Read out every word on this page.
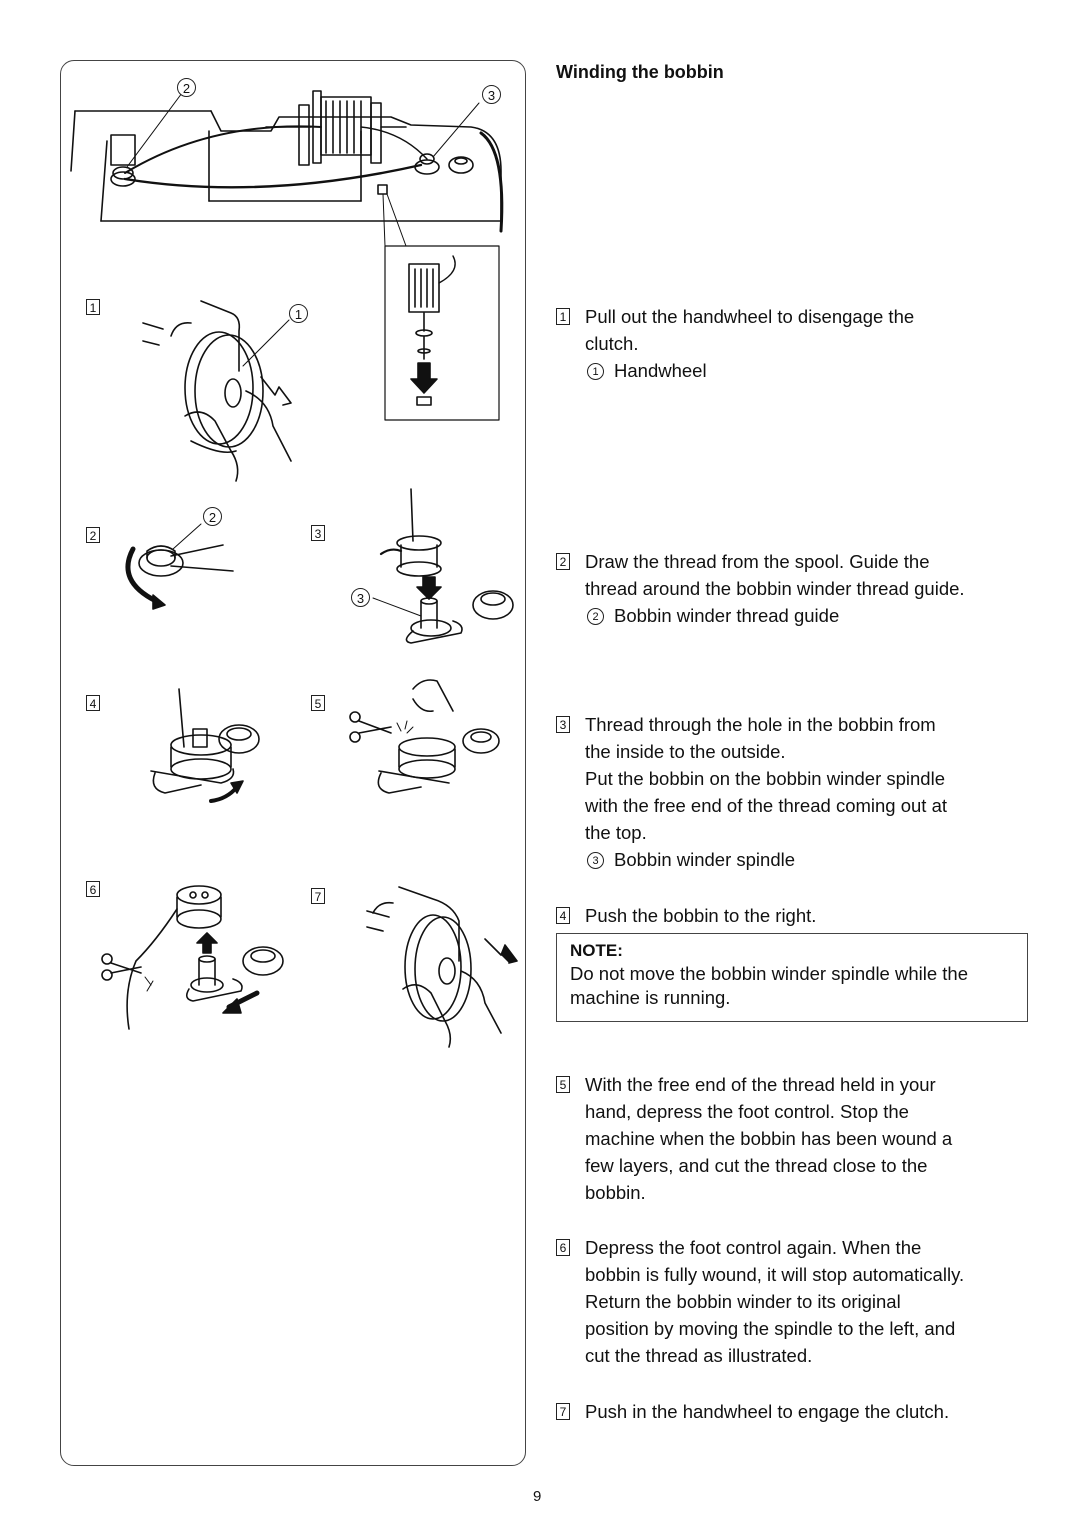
2	3
1	1
2
2
3
3
4	5
6	7
Winding the bobbin
1 Pull out the handwheel to disengage the

clutch.

1 Handwheel
2 Draw the thread from the spool. Guide the

thread around the bobbin winder thread guide.

2 Bobbin winder thread guide
3 Thread through the hole in the bobbin from

the inside to the outside.

Put the bobbin on the bobbin winder spindle

with the free end of the thread coming out at

the top.

3 Bobbin winder spindle
4 Push the bobbin to the right.

NOTE:
Do not move the bobbin winder spindle while the
machine is running.
5 With the free end of the thread held in your

hand, depress the foot control. Stop the

machine when the bobbin has been wound a

few layers, and cut the thread close to the

bobbin.

6 Depress the foot control again. When the

bobbin is fully wound, it will stop automatically.

Return the bobbin winder to its original

position by moving the spindle to the left, and

cut the thread as illustrated.

7 Push in the handwheel to engage the clutch.

9
